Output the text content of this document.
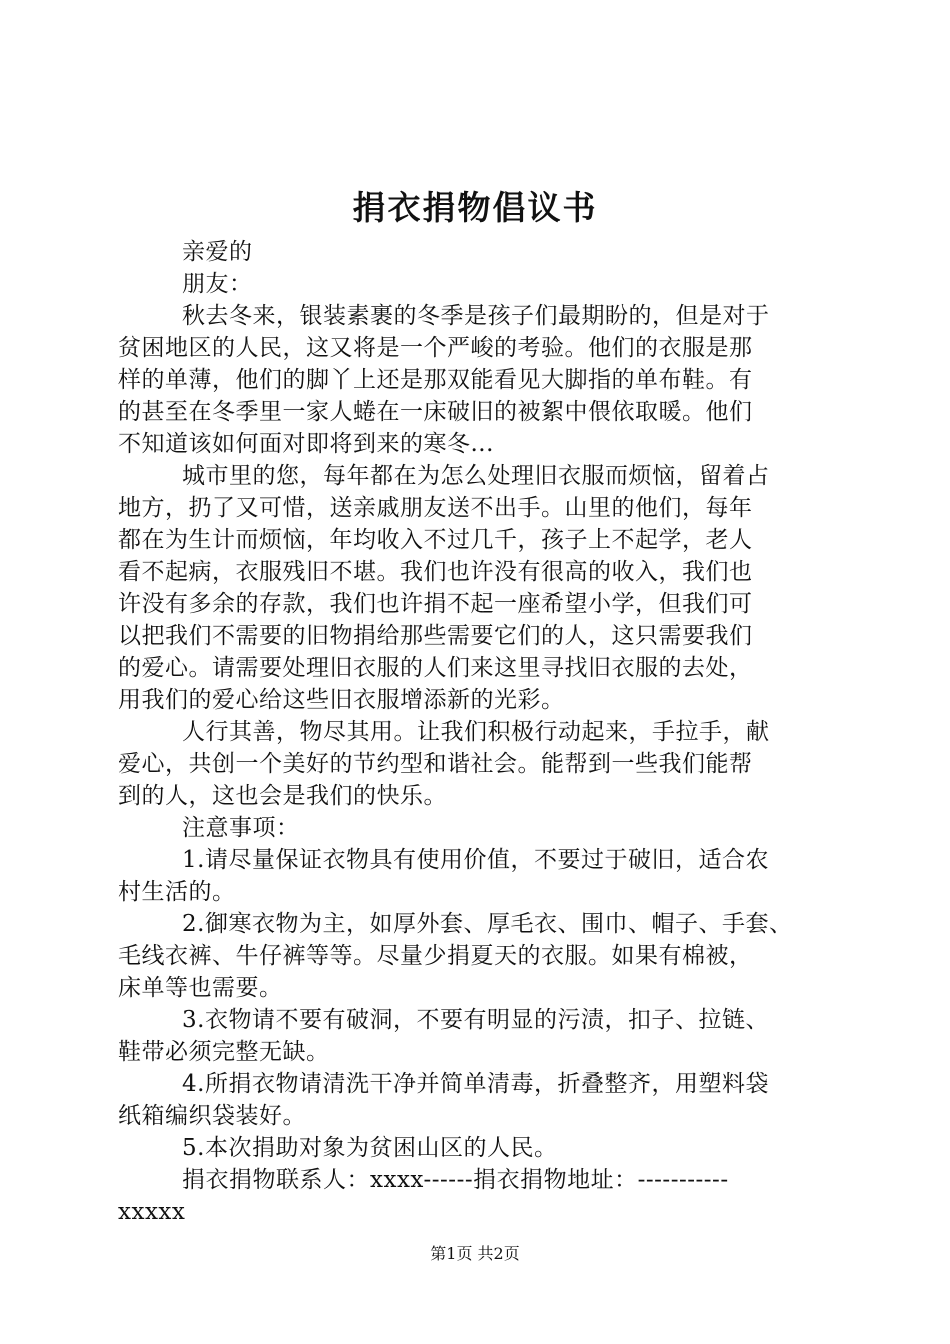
捐衣捐物倡议书
亲爱的
朋友：
秋去冬来，银装素裹的冬季是孩子们最期盼的，但是对于
贫困地区的人民，这又将是一个严峻的考验。他们的衣服是那
样的单薄，他们的脚丫上还是那双能看见大脚指的单布鞋。有
的甚至在冬季里一家人蜷在一床破旧的被絮中偎依取暖。他们
不知道该如何面对即将到来的寒冬...
城市里的您，每年都在为怎么处理旧衣服而烦恼，留着占
地方，扔了又可惜，送亲戚朋友送不出手。山里的他们，每年
都在为生计而烦恼，年均收入不过几千，孩子上不起学，老人
看不起病，衣服残旧不堪。我们也许没有很高的收入，我们也
许没有多余的存款，我们也许捐不起一座希望小学，但我们可
以把我们不需要的旧物捐给那些需要它们的人，这只需要我们
的爱心。请需要处理旧衣服的人们来这里寻找旧衣服的去处，
用我们的爱心给这些旧衣服增添新的光彩。
人行其善，物尽其用。让我们积极行动起来，手拉手，献
爱心，共创一个美好的节约型和谐社会。能帮到一些我们能帮
到的人，这也会是我们的快乐。
注意事项：
1.请尽量保证衣物具有使用价值，不要过于破旧，适合农
村生活的。
2.御寒衣物为主，如厚外套、厚毛衣、围巾、帽子、手套、
毛线衣裤、牛仔裤等等。尽量少捐夏天的衣服。如果有棉被，
床单等也需要。
3.衣物请不要有破洞，不要有明显的污渍，扣子、拉链、
鞋带必须完整无缺。
4.所捐衣物请清洗干净并简单清毒，折叠整齐，用塑料袋
纸箱编织袋装好。
5.本次捐助对象为贫困山区的人民。
捐衣捐物联系人：xxxx------捐衣捐物地址：-----------
xxxxx
第1页 共2页
